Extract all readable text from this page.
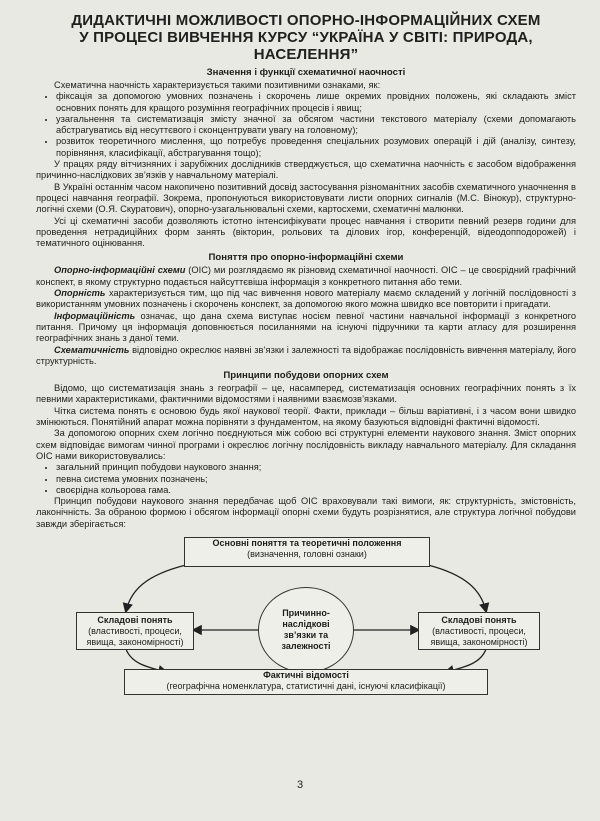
ДИДАКТИЧНІ МОЖЛИВОСТІ ОПОРНО-ІНФОРМАЦІЙНИХ СХЕМ
У ПРОЦЕСІ ВИВЧЕННЯ КУРСУ “УКРАЇНА У СВІТІ: ПРИРОДА, НАСЕЛЕННЯ”
Значення і функції схематичної наочності

Схематична наочність характеризується такими позитивними ознаками, як:

• фіксація за допомогою умовних позначень і скорочень лише окремих провідних положень, які складають зміст основних понять для кращого розуміння географічних процесів і явищ;
• узагальнення та систематизація змісту значної за обсягом частини текстового матеріалу (схеми допомагають абстрагуватись від несуттєвого і сконцентрувати увагу на головному);
• розвиток теоретичного мислення, що потребує проведення спеціальних розумових операцій і дій (аналізу, синтезу, порівняння, класифікації, абстрагування тощо);

У працях ряду вітчизняних і зарубіжних дослідників стверджується, що схематична наочність є засобом відображення причинно-наслідкових зв’язків у навчальному матеріалі.

В Україні останнім часом накопичено позитивний досвід застосування різноманітних засобів схематичного унаочнення в процесі навчання географії. Зокрема, пропонуються використовувати листи опорних сигналів (М.С. Вінокур), структурно-логічні схеми (О.Я. Скуратович), опорно-узагальнювальні схеми, картосхеми, схематичні малюнки.

Усі ці схематичні засоби дозволяють істотно інтенсифікувати процес навчання і створити певний резерв години для проведення нетрадиційних форм занять (вікторин, рольових та ділових ігор, конференцій, відеодопподорожей) і тематичного оцінювання.

Поняття про опорно-інформаційні схеми

Опорно-інформаційні схеми (ОІС) ми розглядаємо як різновид схематичної наочності. ОІС – це своєрідний графічний конспект, в якому структурно подається найсуттєвіша інформація з конкретного питання або теми.

Опорність характеризується тим, що під час вивчення нового матеріалу маємо складений у логічній послідовності з використанням умовних позначень і скорочень конспект, за допомогою якого можна швидко все повторити і пригадати.

Інформаційність означає, що дана схема виступає носієм певної частини навчальної інформації з конкретного питання. Причому ця інформація доповнюється посиланнями на існуючі підручники та карти атласу для розширення географічних знань з даної теми.

Схематичність відповідно окреслює наявні зв’язки і залежності та відображає послідовність вивчення матеріалу, його структурність.

Принципи побудови опорних схем

Відомо, що систематизація знань з географії – це, насамперед, систематизація основних географічних понять з їх певними характеристиками, фактичними відомостями і наявними взаємозв’язками.

Чітка система понять є основою будь якої наукової теорії. Факти, приклади – більш варіативні, і з часом вони швидко змінюються. Понятійний апарат можна порівняти з фундаментом, на якому базуються відповідні фактичні відомості.

За допомогою опорних схем логічно поєднуються між собою всі структурні елементи наукового знання. Зміст опорних схем відповідає вимогам чинної програми і окреслює логічну послідовність викладу навчального матеріалу. Для складання ОІС нами використовувались:

• загальний принцип побудови наукового знання;
• певна система умовних позначень;
• своєрідна кольорова гама.

Принцип побудови наукового знання передбачає щоб ОІС враховували такі вимоги, як: структурність, змістовність, лаконічність. За обраною формою і обсягом інформації опорні схеми будуть розрізнятися, але структура логічної побудови завжди зберігається:

Основні поняття та теоретичні положення
(визначення, головні ознаки)
Складові понять
(властивості, процеси, явища, закономірності)
Причинно-наслідкові зв’язки та залежності
Складові понять
(властивості, процеси, явища, закономірності)
Фактичні відомості
(географічна номенклатура, статистичні дані, існуючі класифікації)
3
